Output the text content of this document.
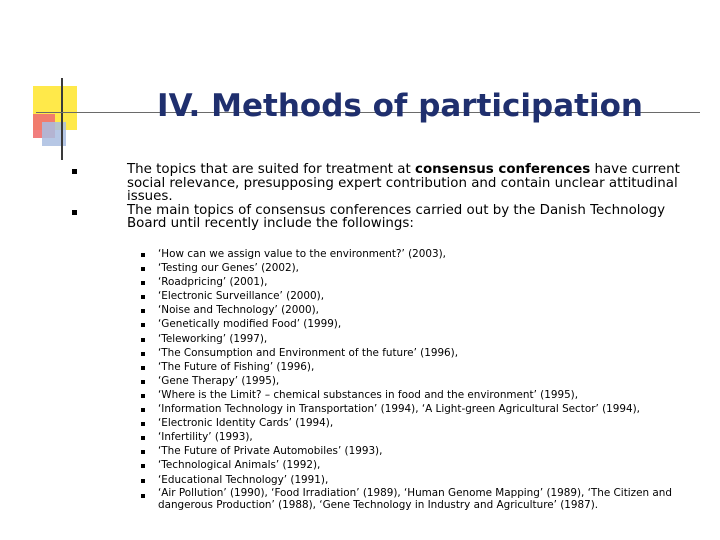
IV. Methods of participation
The topics that are suited for treatment at consensus conferences have current social relevance, presupposing expert contribution and contain unclear attitudinal issues.
The main topics of consensus conferences carried out by the Danish Technology Board until recently include the followings:
‘How can we assign value to the environment?’ (2003),
‘Testing our Genes’ (2002),
‘Roadpricing’ (2001),
‘Electronic Surveillance’ (2000),
‘Noise and Technology’ (2000),
‘Genetically modified Food’ (1999),
‘Teleworking’ (1997),
‘The Consumption and Environment of the future’ (1996),
‘The Future of Fishing’ (1996),
‘Gene Therapy’ (1995),
‘Where is the Limit? – chemical substances in food and the environment’ (1995),
‘Information Technology in Transportation’ (1994), ‘A Light-green Agricultural Sector’ (1994),
‘Electronic Identity Cards’ (1994),
‘Infertility’ (1993),
‘The Future of Private Automobiles’ (1993),
‘Technological Animals’ (1992),
‘Educational Technology’ (1991),
‘Air Pollution’ (1990), ‘Food Irradiation’ (1989), ‘Human Genome Mapping’ (1989), ‘The Citizen and dangerous Production’ (1988), ‘Gene Technology in Industry and Agriculture’ (1987).
